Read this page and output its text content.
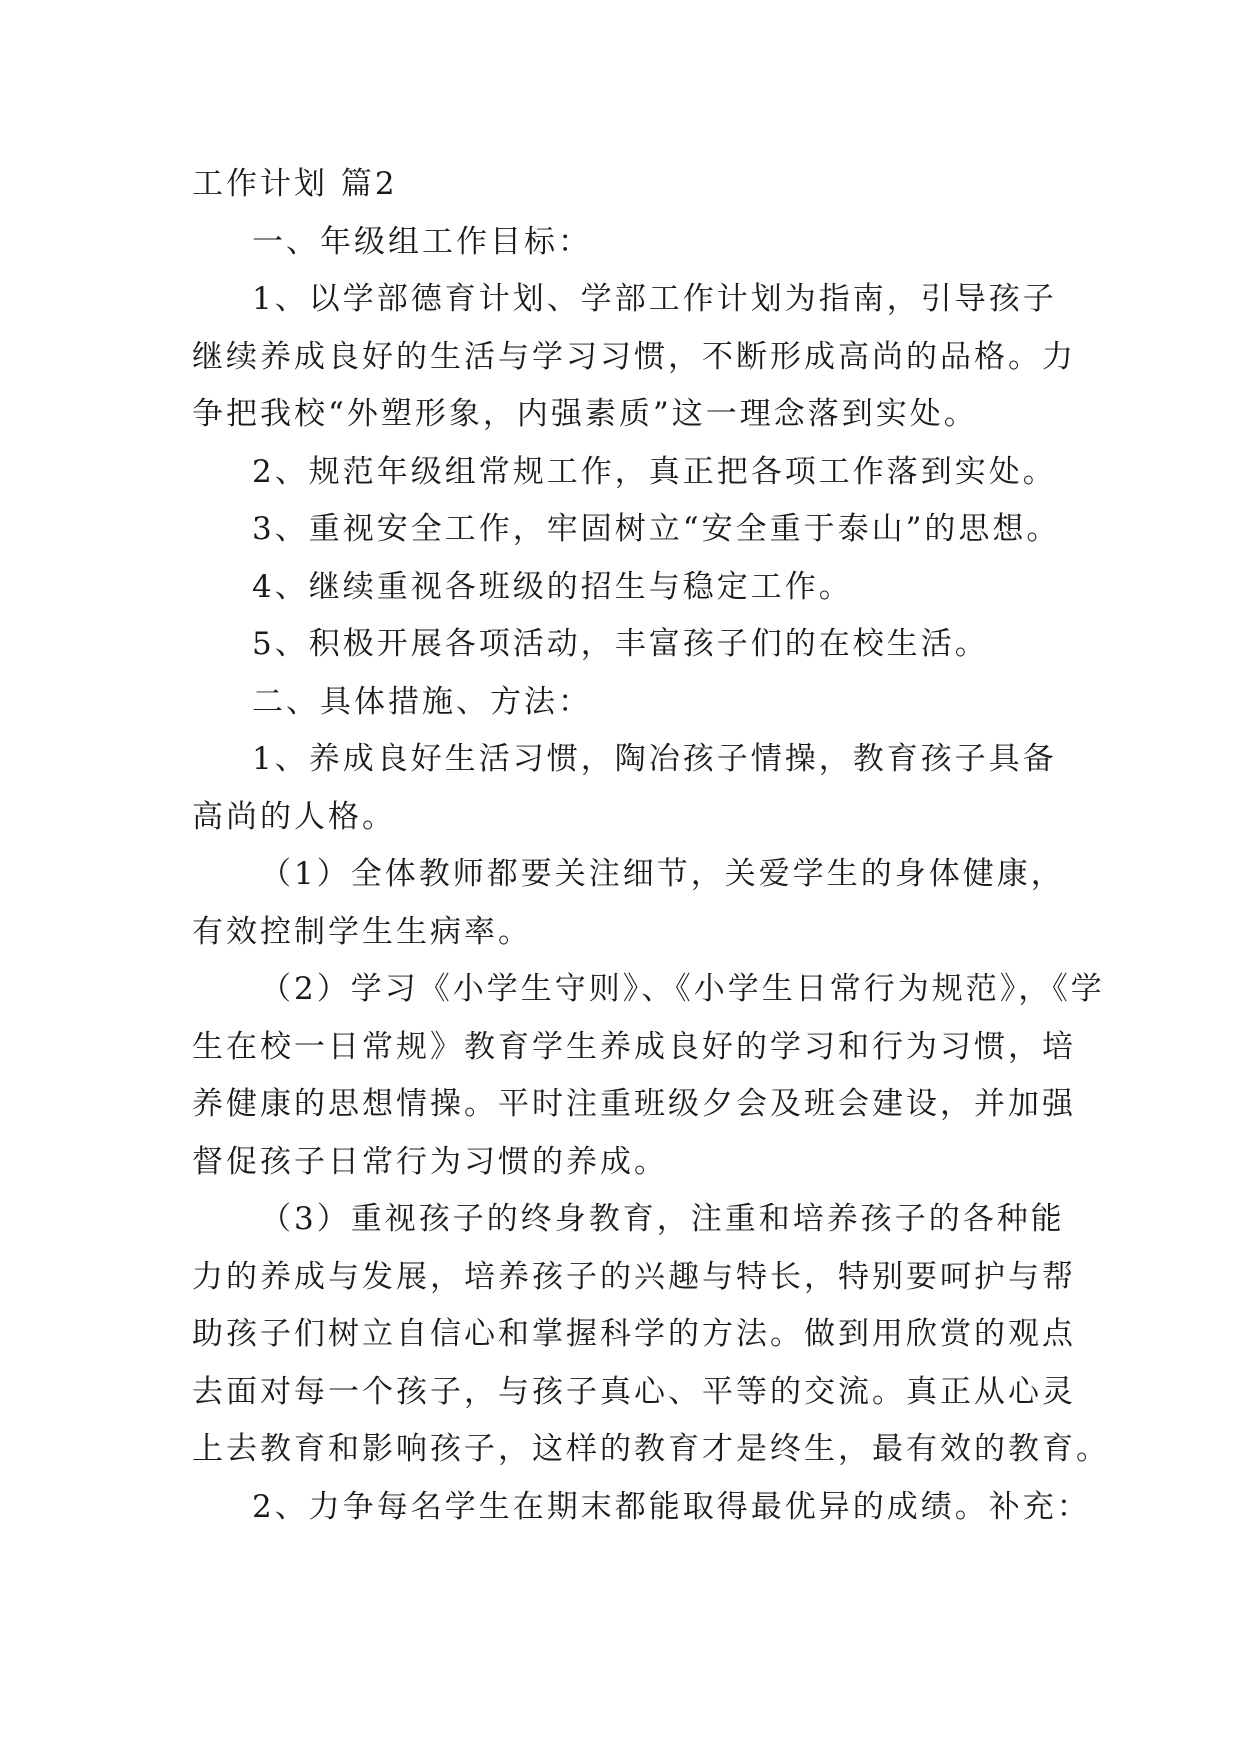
工作计划 篇2

一、年级组工作目标：

1、以学部德育计划、学部工作计划为指南，引导孩子

继续养成良好的生活与学习习惯，不断形成高尚的品格。力

争把我校“外塑形象，内强素质”这一理念落到实处。

2、规范年级组常规工作，真正把各项工作落到实处。

3、重视安全工作，牢固树立“安全重于泰山”的思想。

4、继续重视各班级的招生与稳定工作。

5、积极开展各项活动，丰富孩子们的在校生活。

二、具体措施、方法：

1、养成良好生活习惯，陶冶孩子情操，教育孩子具备

高尚的人格。

（1）全体教师都要关注细节，关爱学生的身体健康，

有效控制学生生病率。

（2）学习《小学生守则》、《小学生日常行为规范》，《学

生在校一日常规》教育学生养成良好的学习和行为习惯，培

养健康的思想情操。平时注重班级夕会及班会建设，并加强

督促孩子日常行为习惯的养成。

（3）重视孩子的终身教育，注重和培养孩子的各种能

力的养成与发展，培养孩子的兴趣与特长，特别要呵护与帮

助孩子们树立自信心和掌握科学的方法。做到用欣赏的观点

去面对每一个孩子，与孩子真心、平等的交流。真正从心灵

上去教育和影响孩子，这样的教育才是终生，最有效的教育。

2、力争每名学生在期末都能取得最优异的成绩。补充：
